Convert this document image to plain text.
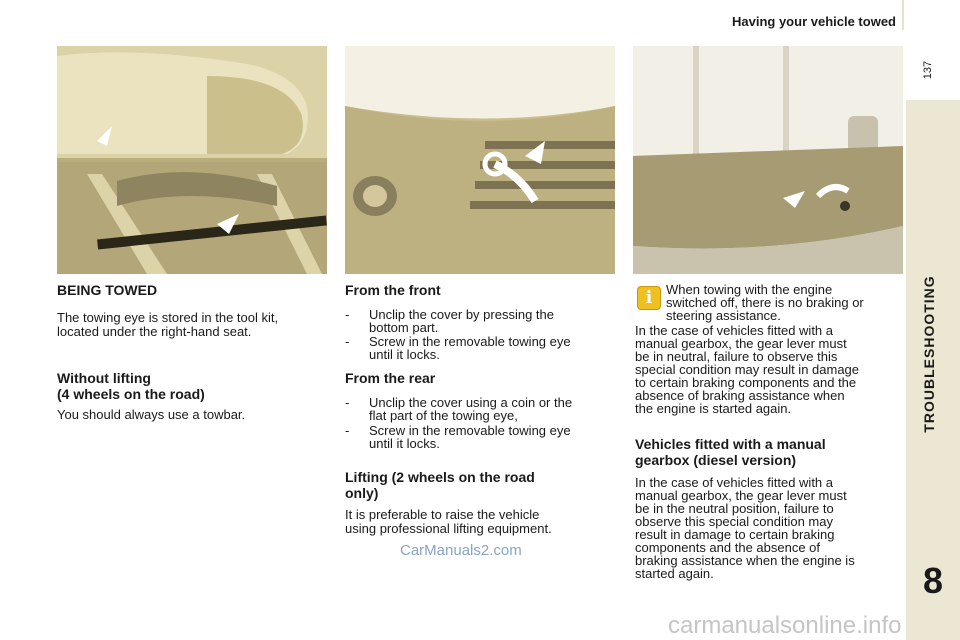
Having your vehicle towed
137
TROUBLESHOOTING
8
BEING TOWED
The towing eye is stored in the tool kit,
located under the right-hand seat.
Without lifting
(4 wheels on the road)
You should always use a towbar.
From the front
- Unclip the cover by pressing the
bottom part.
- Screw in the removable towing eye
until it locks.
From the rear
- Unclip the cover using a coin or the
flat part of the towing eye,
- Screw in the removable towing eye
until it locks.
Lifting (2 wheels on the road
only)
It is preferable to raise the vehicle
using professional lifting equipment.
i	When towing with the engine
switched off, there is no braking or
steering assistance.
In the case of vehicles fitted with a
manual gearbox, the gear lever must
be in neutral, failure to observe this
special condition may result in damage
to certain braking components and the
absence of braking assistance when
the engine is started again.
Vehicles fitted with a manual
gearbox (diesel version)
In the case of vehicles fitted with a
manual gearbox, the gear lever must
be in the neutral position, failure to
observe this special condition may
result in damage to certain braking
components and the absence of
braking assistance when the engine is
started again.
CarManuals2.com
carmanualsonline.info
